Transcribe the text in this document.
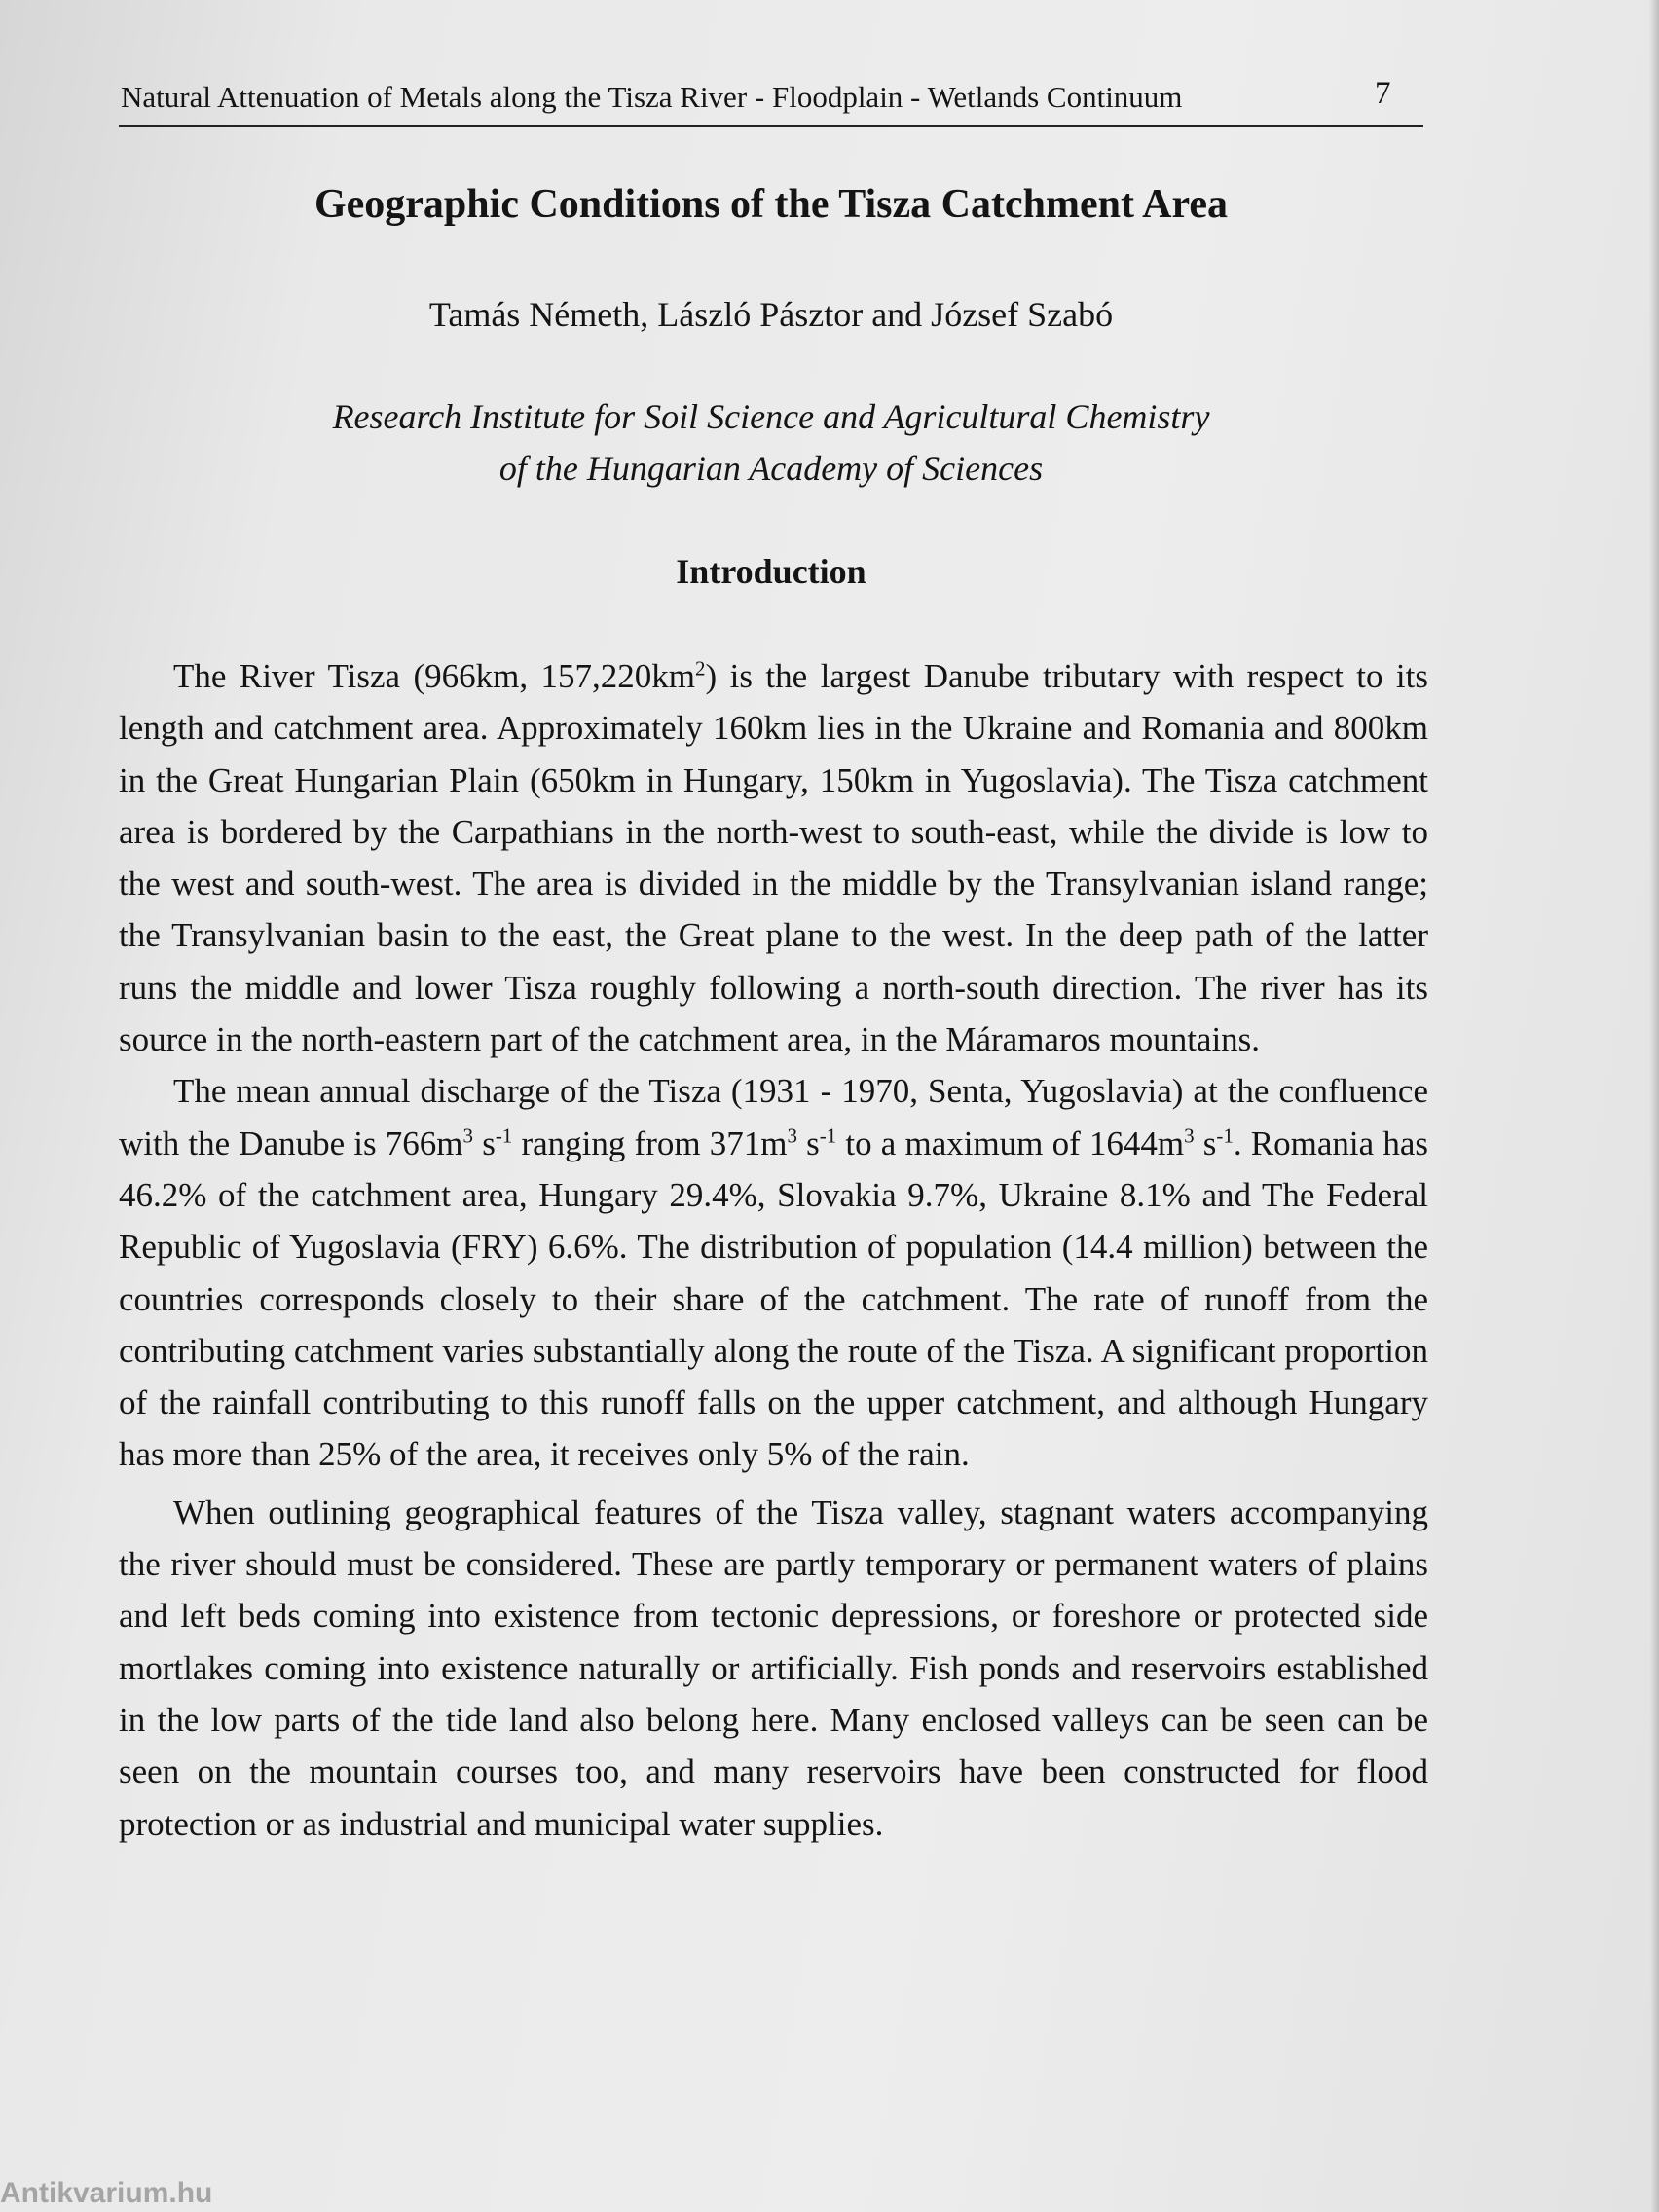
Natural Attenuation of Metals along the Tisza River - Floodplain - Wetlands Continuum	7
Geographic Conditions of the Tisza Catchment Area
Tamás Németh, László Pásztor and József Szabó
Research Institute for Soil Science and Agricultural Chemistry
of the Hungarian Academy of Sciences
Introduction

The River Tisza (966km, $157,220km^2$) is the largest Danube tributary with respect to its length and catchment area. Approximately 160km lies in the Ukraine and Romania and 800km in the Great Hungarian Plain (650km in Hungary, 150km in Yugoslavia). The Tisza catchment area is bordered by the Carpathians in the north-west to south-east, while the divide is low to the west and south-west. The area is divided in the middle by the Transylvanian island range; the Transylvanian basin to the east, the Great plane to the west. In the deep path of the latter runs the middle and lower Tisza roughly following a north-south direction. The river has its source in the north-eastern part of the catchment area, in the Máramaros mountains.

The mean annual discharge of the Tisza (1931 - 1970, Senta, Yugoslavia) at the confluence with the Danube is $766m^3$ $s^{-1}$ ranging from $371m^3$ $s^{-1}$ to a maximum of $1644m^3$ $s^{-1}$. Romania has 46.2% of the catchment area, Hungary 29.4%, Slovakia 9.7%, Ukraine 8.1% and The Federal Republic of Yugoslavia (FRY) 6.6%. The distribution of population (14.4 million) between the countries corresponds closely to their share of the catchment. The rate of runoff from the contributing catchment varies substantially along the route of the Tisza. A significant proportion of the rainfall contributing to this runoff falls on the upper catchment, and although Hungary has more than 25% of the area, it receives only 5% of the rain.

When outlining geographical features of the Tisza valley, stagnant waters accompanying the river should must be considered. These are partly temporary or permanent waters of plains and left beds coming into existence from tectonic depressions, or foreshore or protected side mortlakes coming into existence naturally or artificially. Fish ponds and reservoirs established in the low parts of the tide land also belong here. Many enclosed valleys can be seen can be seen on the mountain courses too, and many reservoirs have been constructed for flood protection or as industrial and municipal water supplies.

Antikvarium.hu
